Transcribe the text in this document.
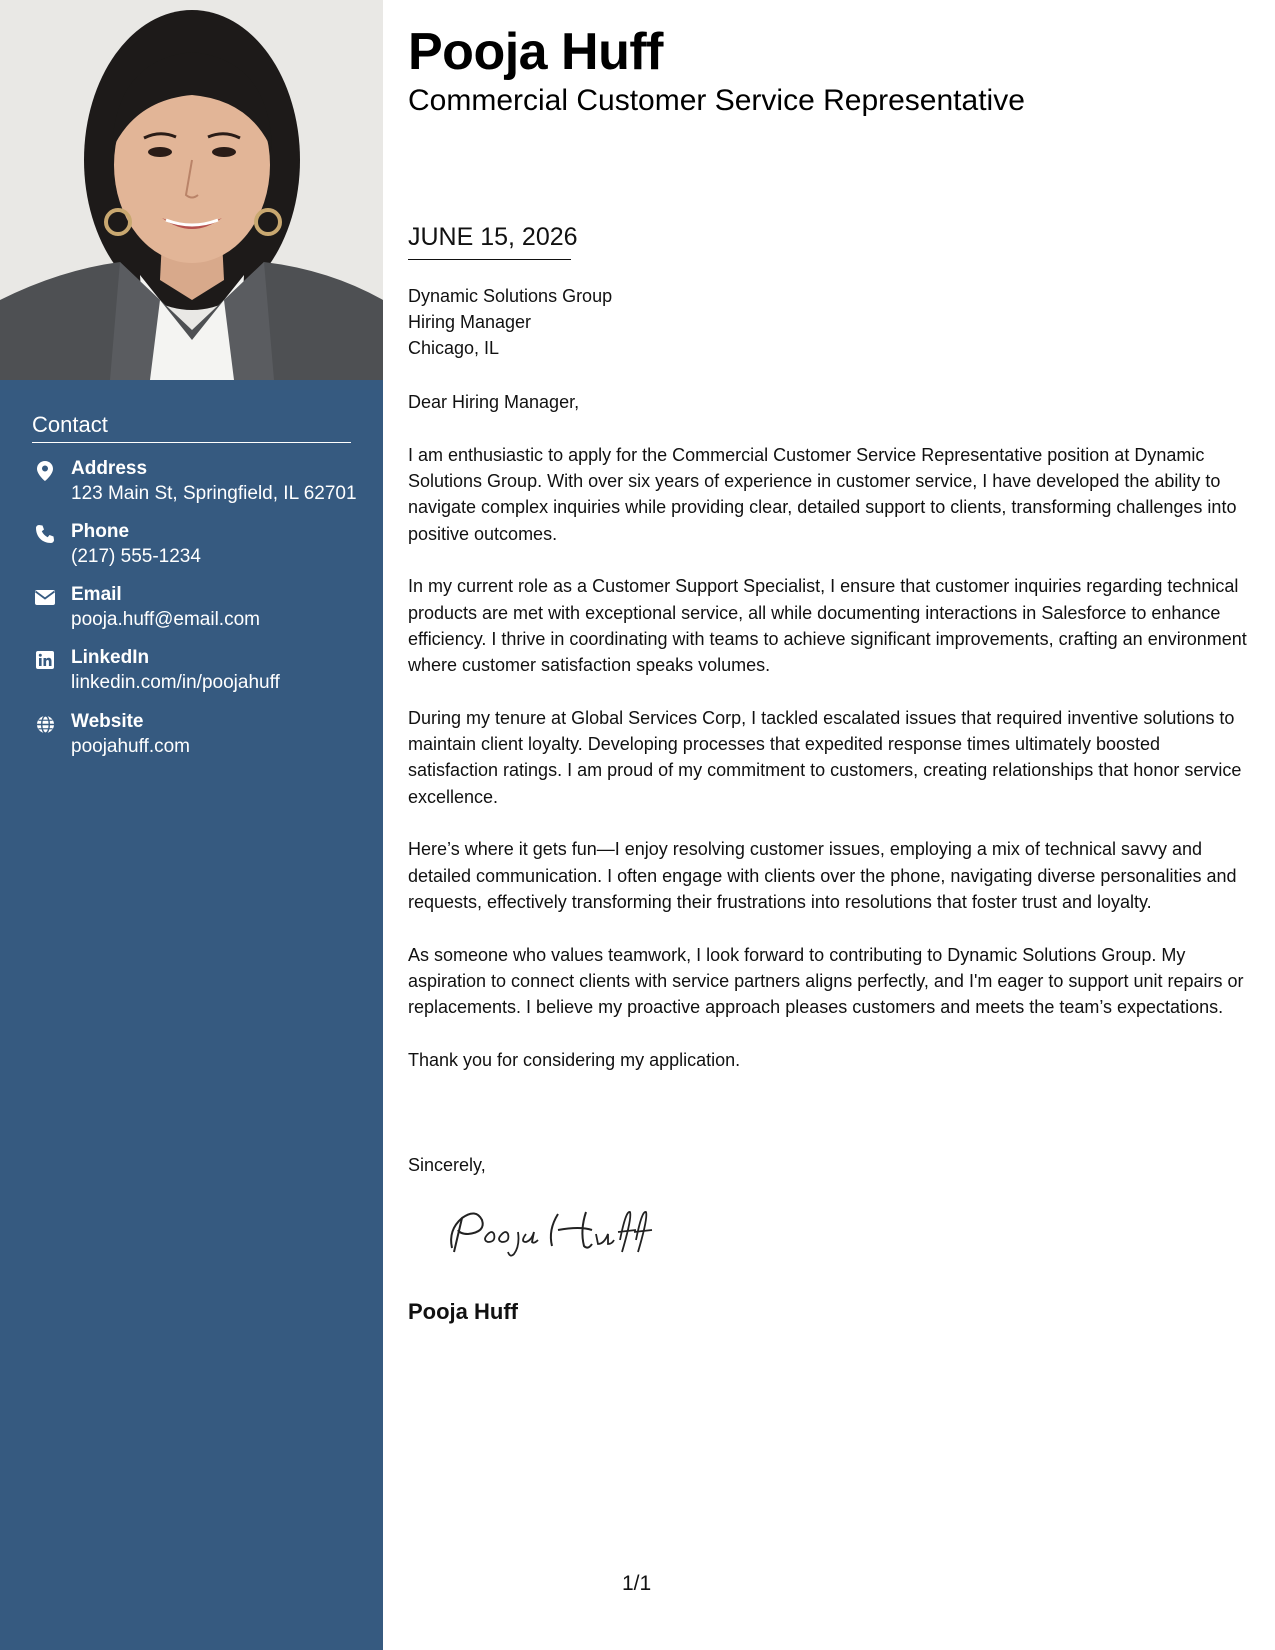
Contact
Address
123 Main St, Springfield, IL 62701
Phone
(217) 555-1234
Email
pooja.huff@email.com
LinkedIn
linkedin.com/in/poojahuff
Website
poojahuff.com
Pooja Huff
Commercial Customer Service Representative
JUNE 15, 2026
Dynamic Solutions Group
Hiring Manager
Chicago, IL

Dear Hiring Manager,

I am enthusiastic to apply for the Commercial Customer Service Representative position at Dynamic Solutions Group. With over six years of experience in customer service, I have developed the ability to navigate complex inquiries while providing clear, detailed support to clients, transforming challenges into positive outcomes.

In my current role as a Customer Support Specialist, I ensure that customer inquiries regarding technical products are met with exceptional service, all while documenting interactions in Salesforce to enhance efficiency. I thrive in coordinating with teams to achieve significant improvements, crafting an environment where customer satisfaction speaks volumes.

During my tenure at Global Services Corp, I tackled escalated issues that required inventive solutions to maintain client loyalty. Developing processes that expedited response times ultimately boosted satisfaction ratings. I am proud of my commitment to customers, creating relationships that honor service excellence.

Here’s where it gets fun—I enjoy resolving customer issues, employing a mix of technical savvy and detailed communication. I often engage with clients over the phone, navigating diverse personalities and requests, effectively transforming their frustrations into resolutions that foster trust and loyalty.

As someone who values teamwork, I look forward to contributing to Dynamic Solutions Group. My aspiration to connect clients with service partners aligns perfectly, and I'm eager to support unit repairs or replacements. I believe my proactive approach pleases customers and meets the team’s expectations.

Thank you for considering my application.

Sincerely,
Pooja Huff
1/1
